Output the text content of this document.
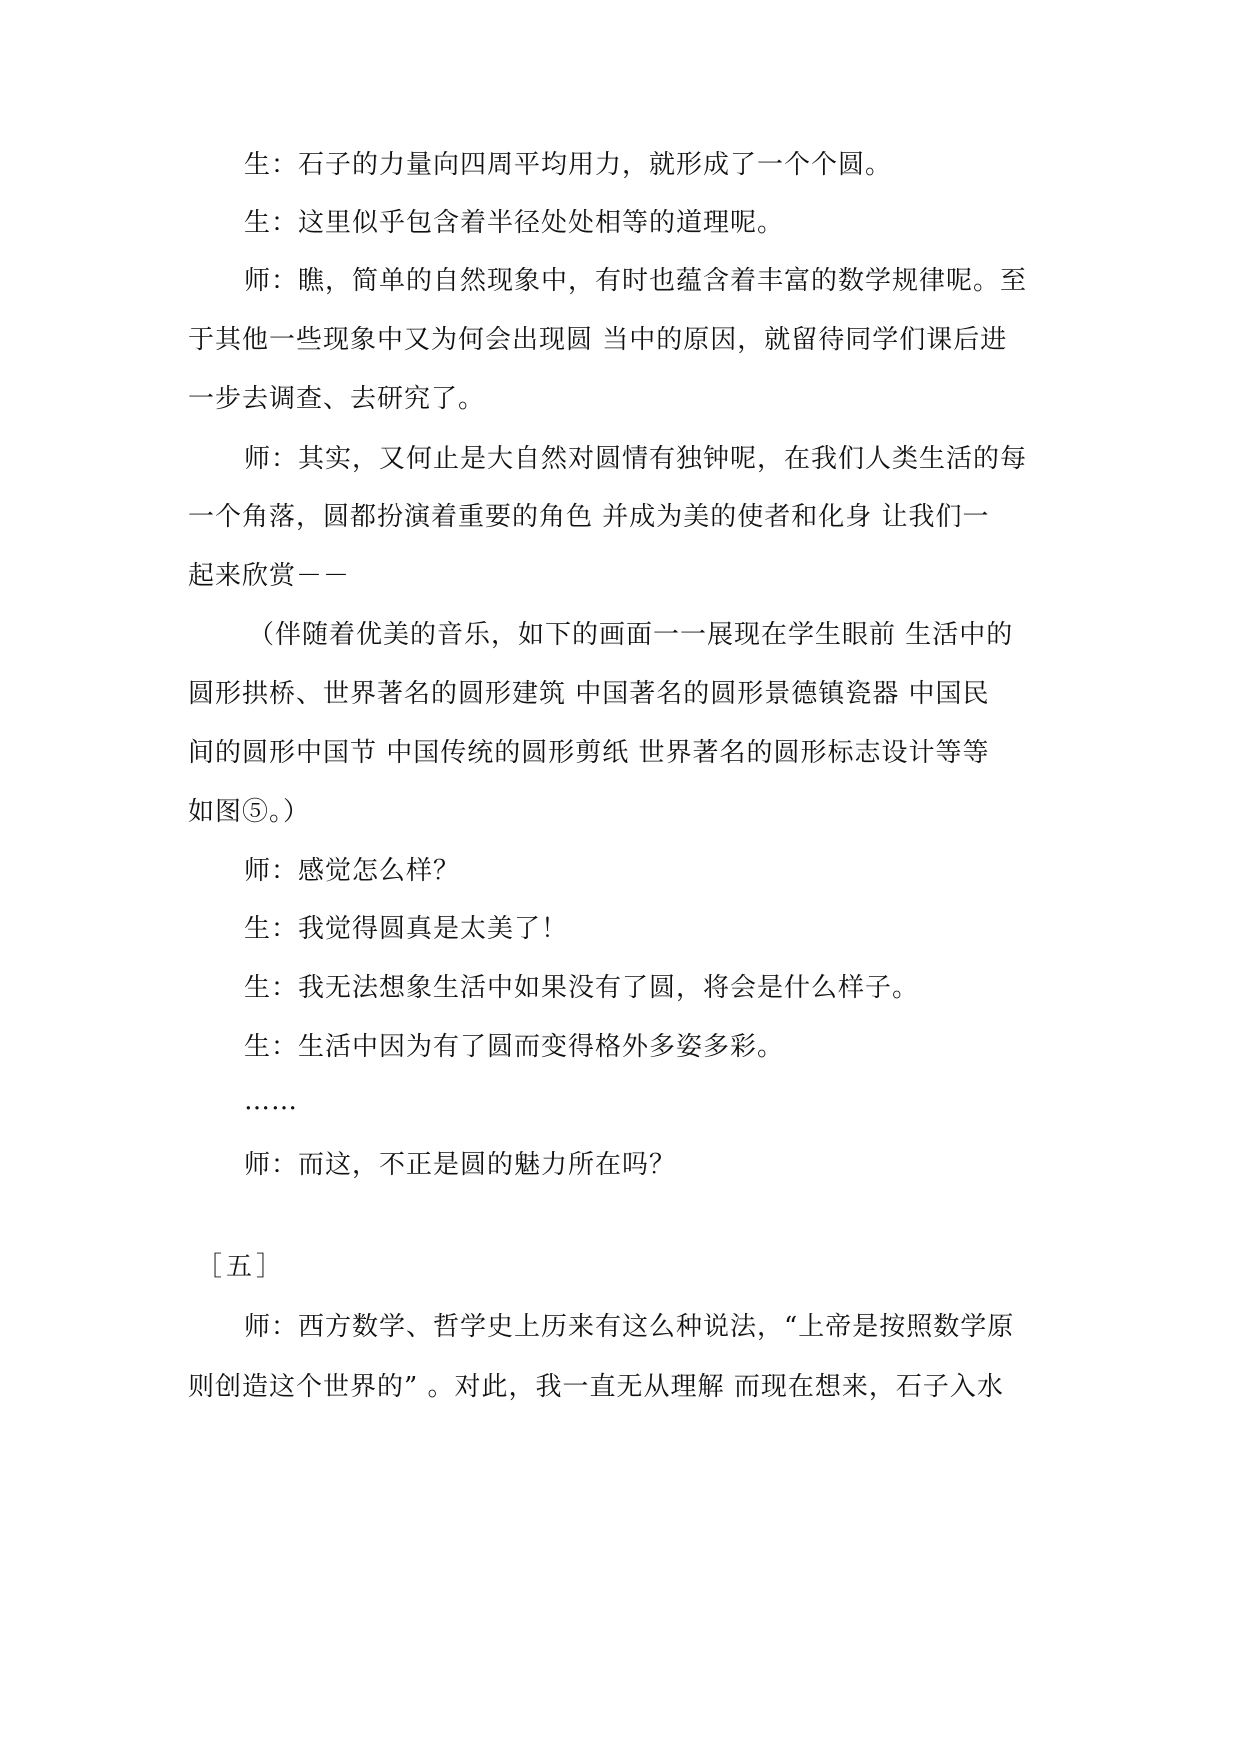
生：石子的力量向四周平均用力，就形成了一个个圆。
生：这里似乎包含着半径处处相等的道理呢。
师：瞧，简单的自然现象中，有时也蕴含着丰富的数学规律呢。至
于其他一些现象中又为何会出现圆 当中的原因，就留待同学们课后进
一步去调查、去研究了。
师：其实，又何止是大自然对圆情有独钟呢，在我们人类生活的每
一个角落，圆都扮演着重要的角色 并成为美的使者和化身 让我们一
起来欣赏－－
（伴随着优美的音乐，如下的画面一一展现在学生眼前 生活中的
圆形拱桥、世界著名的圆形建筑 中国著名的圆形景德镇瓷器 中国民
间的圆形中国节 中国传统的圆形剪纸 世界著名的圆形标志设计等等
如图⑤。）
师：感觉怎么样？
生：我觉得圆真是太美了！
生：我无法想象生活中如果没有了圆，将会是什么样子。
生：生活中因为有了圆而变得格外多姿多彩。
……
师：而这，不正是圆的魅力所在吗？
［五］
师：西方数学、哲学史上历来有这么种说法，“上帝是按照数学原
则创造这个世界的” 。对此，我一直无从理解 而现在想来，石子入水
